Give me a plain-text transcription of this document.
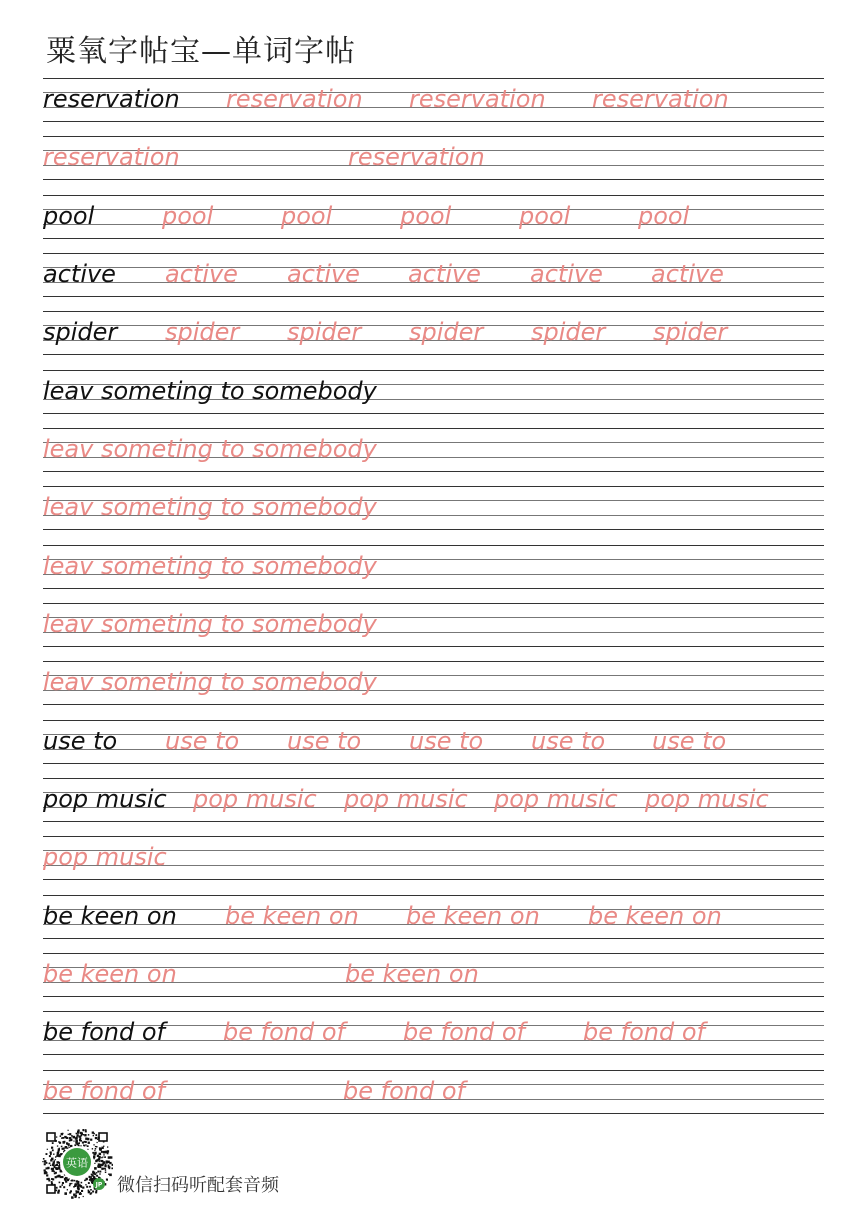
粟氧字帖宝—单词字帖
reservation reservation reservation reservation
reservation	reservation
pool	pool	pool	pool	pool	pool
active active active active active active
spider spider spider spider spider spider
leav someting to somebody
leav someting to somebody
leav someting to somebody
leav someting to somebody
leav someting to somebody
leav someting to somebody
use to use to use to use to use to use to
pop music pop music pop music pop music pop music
pop music
be keen on be keen on be keen on be keen on
be keen on	be keen on
be fond of be fond of be fond of be fond of
be fond of	be fond of
英语
JP 微信扫码听配套音频
